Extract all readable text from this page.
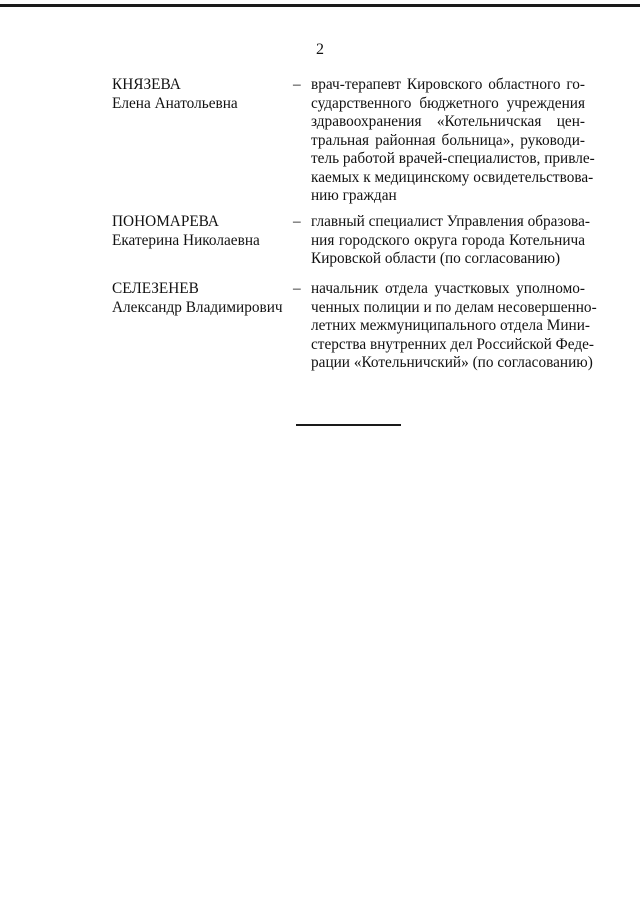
2
КНЯЗЕВА
Елена Анатольевна
– врач-терапевт Кировского областного го-
сударственного бюджетного учреждения
здравоохранения «Котельничская цен-
тральная районная больница», руководи-
тель работой врачей-специалистов, привле-
каемых к медицинскому освидетельствова-
нию граждан
ПОНОМАРЕВА
Екатерина Николаевна
– главный специалист Управления образова-
ния городского округа города Котельнича
Кировской области (по согласованию)
СЕЛЕЗЕНЕВ
Александр Владимирович
– начальник отдела участковых уполномо-
ченных полиции и по делам несовершенно-
летних межмуниципального отдела Мини-
стерства внутренних дел Российской Феде-
рации «Котельничский» (по согласованию)
